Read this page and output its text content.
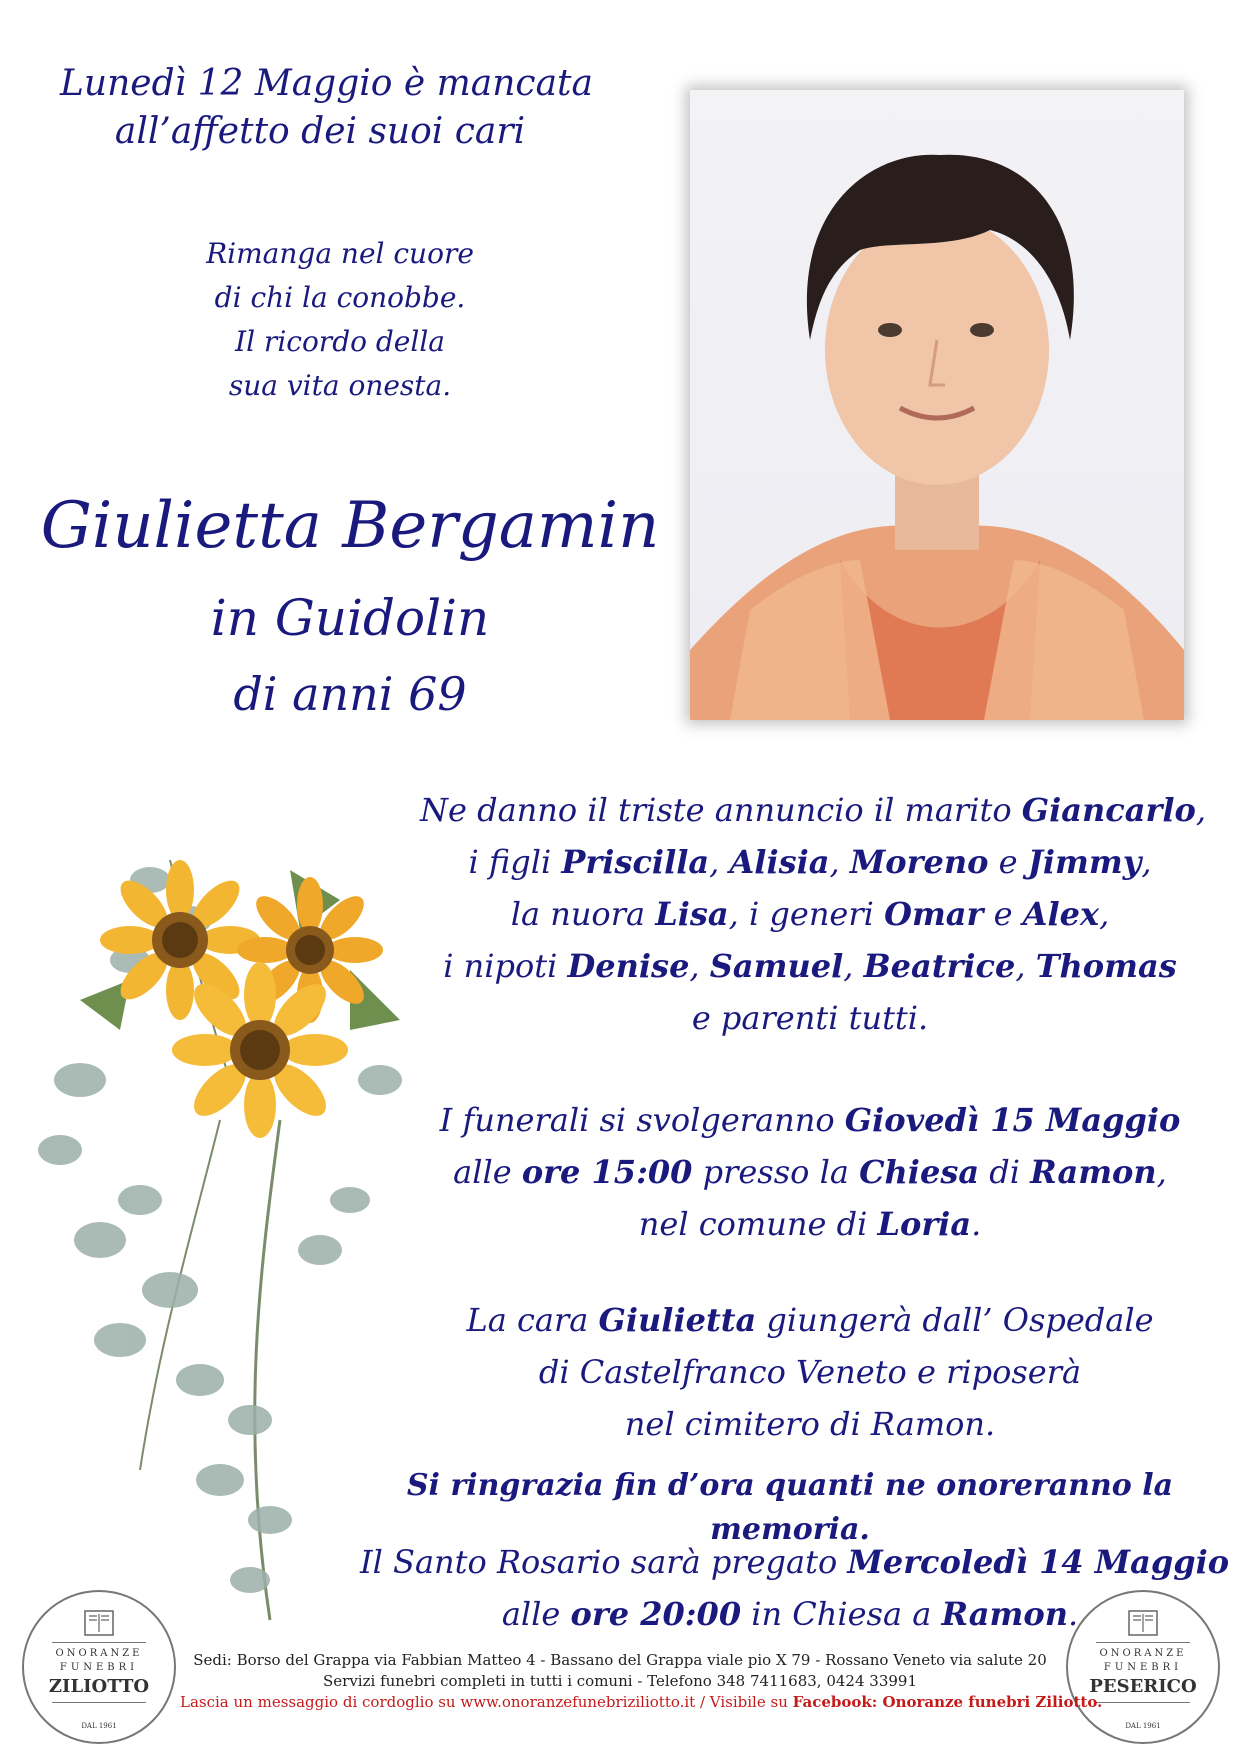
Lunedì 12 Maggio è mancata
all’affetto dei suoi cari
Rimanga nel cuore
di chi la conobbe.
Il ricordo della
sua vita onesta.
Giulietta Bergamin
in Guidolin
di anni 69
Ne danno il triste annuncio il marito Giancarlo,
i figli Priscilla, Alisia, Moreno e Jimmy,
la nuora Lisa, i generi Omar e Alex,
i nipoti Denise, Samuel, Beatrice, Thomas
e parenti tutti.
I funerali si svolgeranno Giovedì 15 Maggio
alle ore 15:00 presso la Chiesa di Ramon,
nel comune di Loria.
La cara Giulietta giungerà dall’ Ospedale
di Castelfranco Veneto e riposerà
nel cimitero di Ramon.
Si ringrazia fin d’ora quanti ne onoreranno la memoria.
Il Santo Rosario sarà pregato Mercoledì 14 Maggio
alle ore 20:00 in Chiesa a Ramon.
ONORANZE
FUNEBRI
ZILIOTTO
DAL 1961
ONORANZE
FUNEBRI
PESERICO
DAL 1961
Sedi: Borso del Grappa via Fabbian Matteo 4 - Bassano del Grappa viale pio X 79 - Rossano Veneto via salute 20
Servizi funebri completi in tutti i comuni - Telefono 348 7411683, 0424 33991
Lascia un messaggio di cordoglio su www.onoranzefunebriziliotto.it / Visibile su Facebook: Onoranze funebri Ziliotto.
